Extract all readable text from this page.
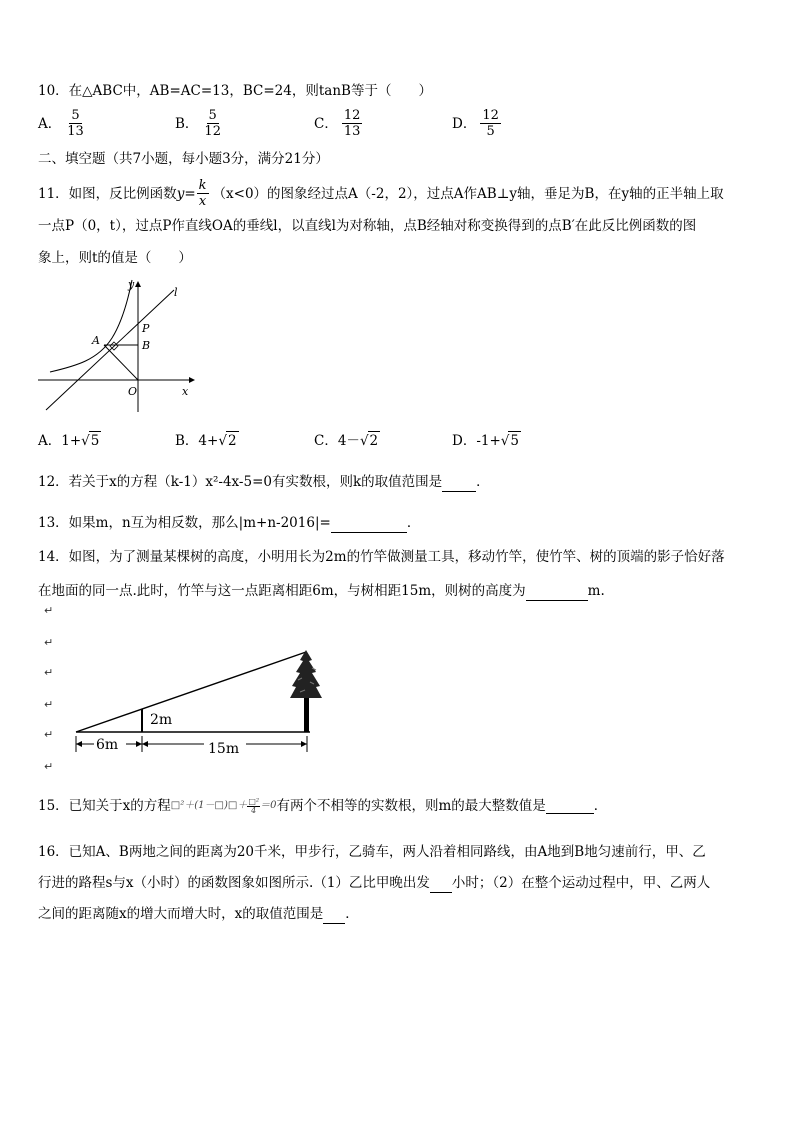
10．在△ABC中，AB=AC=13，BC=24，则tanB等于（　　）
A． $\frac{5}{13}$	B． $\frac{5}{12}$	C． $\frac{12}{13}$	D． $\frac{12}{5}$
二、填空题（共7小题，每小题3分，满分21分）
11．如图，反比例函数 $y = \frac{k}{x} (x<0)$的图象经过点A（-2，2），过点A作AB⊥y轴，垂足为B，在y轴的正半轴上取
一点P（0，t），过点P作直线OA的垂线l，以直线l为对称轴，点B经轴对称变换得到的点B′在此反比例函数的图
象上，则t的值是（　　）
y
l
P
A	B
O	x
A． 1+ √ 5	B． 4+ √ 2	C． 4－ √ 2	D． -1+ √ 5
12．若关于x的方程（k-1）x²-4x-5=0有实数根，则k的取值范围是	．
13．如果m，n互为相反数，那么|m+n-2016|=	．
14．如图，为了测量某棵树的高度，小明用长为2m的竹竿做测量工具，移动竹竿，使竹竿、树的顶端的影子恰好落
在地面的同一点.此时，竹竿与这一点距离相距6m，与树相距15m，则树的高度为	m.
↵
↵
↵
↵
↵
↵
2m
6m	15m
15．已知关于x的方程 □²＋(1－□)□＋ $\frac{\text{□²}}{4} =0$ 有两个不相等的实数根，则m的最大整数值是
	．
16．已知A、B两地之间的距离为20千米，甲步行，乙骑车，两人沿着相同路线，由A地到B地匀速前行，甲、乙
行进的路程s与x（小时）的函数图象如图所示.（1）乙比甲晚出发 小时；（2）在整个运动过程中，甲、乙两人
之间的距离随x的增大而增大时，x的取值范围是 ．
